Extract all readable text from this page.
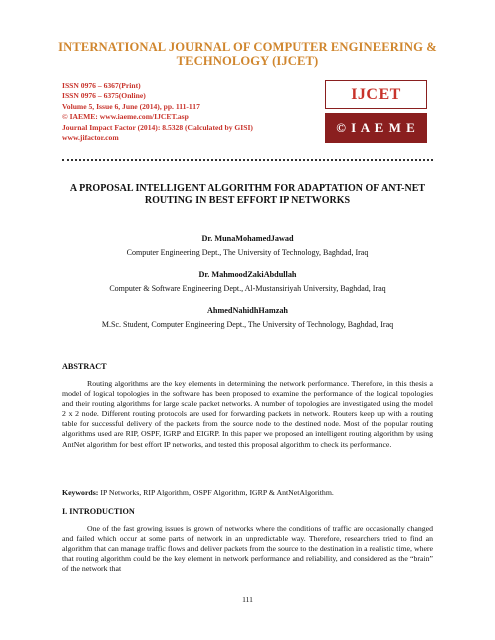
INTERNATIONAL JOURNAL OF COMPUTER ENGINEERING &
TECHNOLOGY (IJCET)
ISSN 0976 – 6367(Print)
ISSN 0976 – 6375(Online)
Volume 5, Issue 6, June (2014), pp. 111-117
© IAEME: www.iaeme.com/IJCET.asp
Journal Impact Factor (2014): 8.5328 (Calculated by GISI)
www.jifactor.com
IJCET
© I A E M E
A PROPOSAL INTELLIGENT ALGORITHM FOR ADAPTATION OF ANT-NET ROUTING IN BEST EFFORT IP NETWORKS
Dr. MunaMohamedJawad
Computer Engineering Dept., The University of Technology, Baghdad, Iraq
Dr. MahmoodZakiAbdullah
Computer & Software Engineering Dept., Al-Mustansiriyah University, Baghdad, Iraq
AhmedNahidhHamzah
M.Sc. Student, Computer Engineering Dept., The University of Technology, Baghdad, Iraq
ABSTRACT
Routing algorithms are the key elements in determining the network performance. Therefore, in this thesis a model of logical topologies in the software has been proposed to examine the performance of the logical topologies and their routing algorithms for large scale packet networks. A number of topologies are investigated using the model 2 x 2 node. Different routing protocols are used for forwarding packets in network. Routers keep up with a routing table for successful delivery of the packets from the source node to the destined node. Most of the popular routing algorithms used are RIP, OSPF, IGRP and EIGRP. In this paper we proposed an intelligent routing algorithm by using AntNet algorithm for best effort IP networks, and tested this proposal algorithm to check its performance.
Keywords: IP Networks, RIP Algorithm, OSPF Algorithm, IGRP & AntNetAlgorithm.
I. INTRODUCTION
One of the fast growing issues is grown of networks where the conditions of traffic are occasionally changed and failed which occur at some parts of network in an unpredictable way. Therefore, researchers tried to find an algorithm that can manage traffic flows and deliver packets from the source to the destination in a realistic time, where that routing algorithm could be the key element in network performance and reliability, and considered as the “brain” of the network that
111
